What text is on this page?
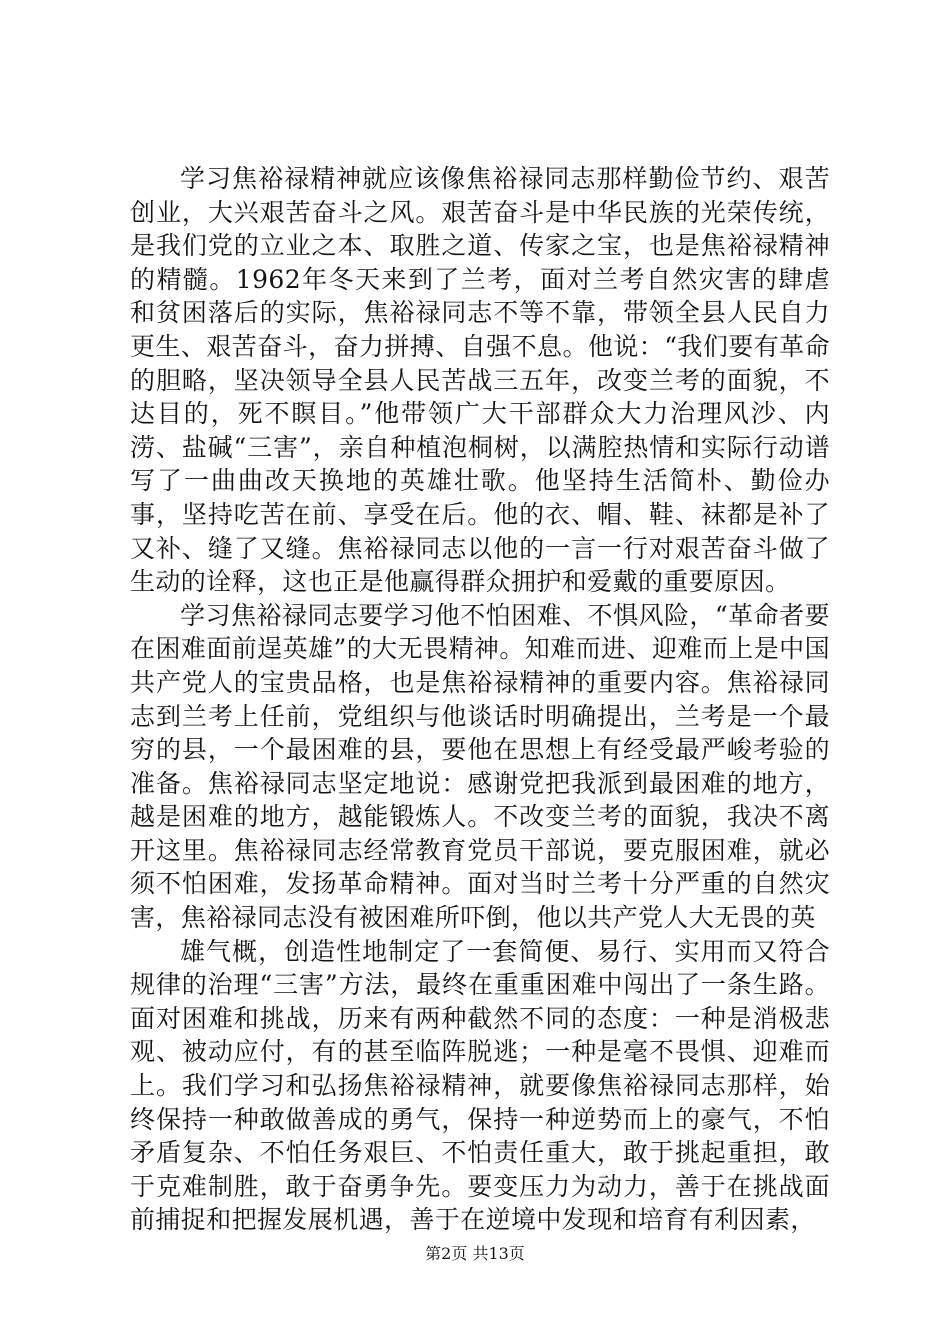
学习焦裕禄精神就应该像焦裕禄同志那样勤俭节约、艰苦创业，大兴艰苦奋斗之风。艰苦奋斗是中华民族的光荣传统，是我们党的立业之本、取胜之道、传家之宝，也是焦裕禄精神的精髓。1962年冬天来到了兰考，面对兰考自然灾害的肆虐和贫困落后的实际，焦裕禄同志不等不靠，带领全县人民自力更生、艰苦奋斗，奋力拼搏、自强不息。他说：“我们要有革命的胆略，坚决领导全县人民苦战三五年，改变兰考的面貌，不达目的，死不瞑目。”他带领广大干部群众大力治理风沙、内涝、盐碱“三害”，亲自种植泡桐树，以满腔热情和实际行动谱写了一曲曲改天换地的英雄壮歌。他坚持生活简朴、勤俭办事，坚持吃苦在前、享受在后。他的衣、帽、鞋、袜都是补了又补、缝了又缝。焦裕禄同志以他的一言一行对艰苦奋斗做了生动的诠释，这也正是他赢得群众拥护和爱戴的重要原因。

学习焦裕禄同志要学习他不怕困难、不惧风险，“革命者要在困难面前逞英雄”的大无畏精神。知难而进、迎难而上是中国共产党人的宝贵品格，也是焦裕禄精神的重要内容。焦裕禄同志到兰考上任前，党组织与他谈话时明确提出，兰考是一个最穷的县，一个最困难的县，要他在思想上有经受最严峻考验的准备。焦裕禄同志坚定地说：感谢党把我派到最困难的地方，越是困难的地方，越能锻炼人。不改变兰考的面貌，我决不离开这里。焦裕禄同志经常教育党员干部说，要克服困难，就必须不怕困难，发扬革命精神。面对当时兰考十分严重的自然灾害，焦裕禄同志没有被困难所吓倒，他以共产党人大无畏的英

雄气概，创造性地制定了一套简便、易行、实用而又符合规律的治理“三害”方法，最终在重重困难中闯出了一条生路。面对困难和挑战，历来有两种截然不同的态度：一种是消极悲观、被动应付，有的甚至临阵脱逃；一种是毫不畏惧、迎难而上。我们学习和弘扬焦裕禄精神，就要像焦裕禄同志那样，始终保持一种敢做善成的勇气，保持一种逆势而上的豪气，不怕矛盾复杂、不怕任务艰巨、不怕责任重大，敢于挑起重担，敢于克难制胜，敢于奋勇争先。要变压力为动力，善于在挑战面前捕捉和把握发展机遇，善于在逆境中发现和培育有利因素，

第2页 共13页
